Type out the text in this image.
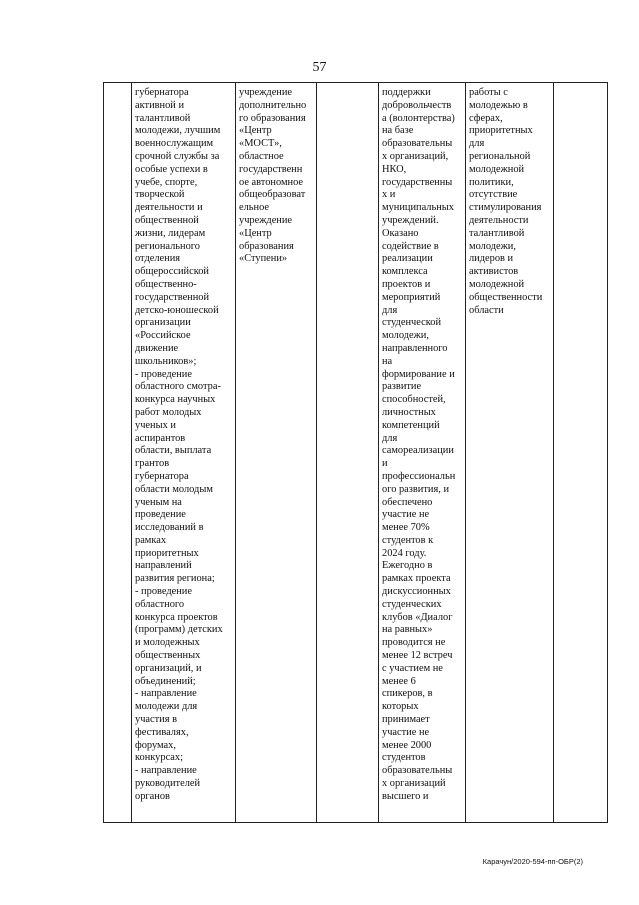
57
губернатора
активной и
талантливой
молодежи, лучшим
военнослужащим
срочной службы за
особые успехи в
учебе, спорте,
творческой
деятельности и
общественной
жизни, лидерам
регионального
отделения
общероссийской
общественно-
государственной
детско-юношеской
организации
«Российское
движение
школьников»;
- проведение
областного смотра-
конкурса научных
работ молодых
ученых и
аспирантов
области, выплата
грантов
губернатора
области молодым
ученым на
проведение
исследований в
рамках
приоритетных
направлений
развития региона;
- проведение
областного
конкурса проектов
(программ) детских
и молодежных
общественных
организаций, и
объединений;
- направление
молодежи для
участия в
фестивалях,
форумах,
конкурсах;
- направление
руководителей
органов
учреждение
дополнительно
го образования
«Центр
«МОСТ»,
областное
государственн
ое автономное
общеобразоват
ельное
учреждение
«Центр
образования
«Ступени»
поддержки
добровольчеств
а (волонтерства)
на базе
образовательны
х организаций,
НКО,
государственны
х и
муниципальных
учреждений.
Оказано
содействие в
реализации
комплекса
проектов и
мероприятий
для
студенческой
молодежи,
направленного
на
формирование и
развитие
способностей,
личностных
компетенций
для
самореализации
и
профессиональн
ого развития, и
обеспечено
участие не
менее 70%
студентов к
2024 году.
Ежегодно в
рамках проекта
дискуссионных
студенческих
клубов «Диалог
на равных»
проводится не
менее 12 встреч
с участием не
менее 6
спикеров, в
которых
принимает
участие не
менее 2000
студентов
образовательны
х организаций
высшего и
работы с
молодежью в
сферах,
приоритетных
для
региональной
молодежной
политики,
отсутствие
стимулирования
деятельности
талантливой
молодежи,
лидеров и
активистов
молодежной
общественности
области
Карачун/2020-594-пп-ОБР(2)
